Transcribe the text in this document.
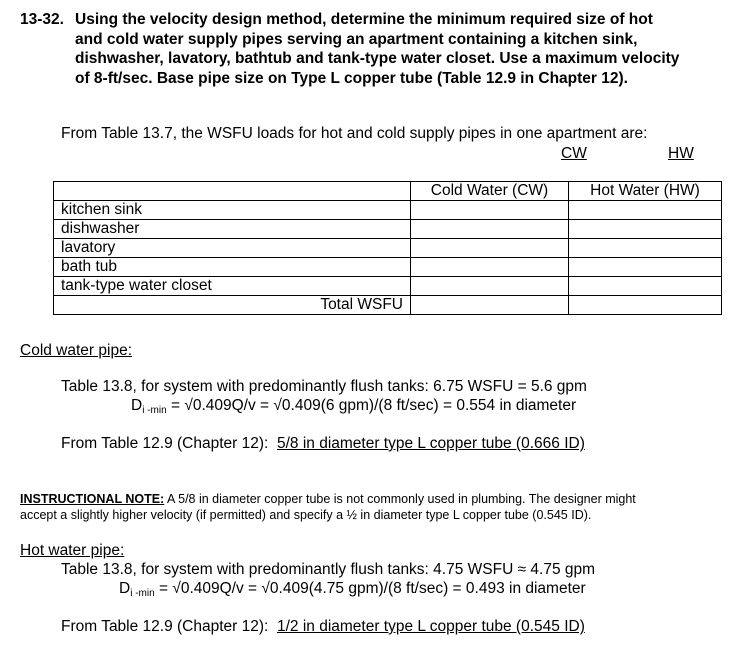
13-32. Using the velocity design method, determine the minimum required size of hot
and cold water supply pipes serving an apartment containing a kitchen sink,
dishwasher, lavatory, bathtub and tank-type water closet. Use a maximum velocity
of 8-ft/sec. Base pipe size on Type L copper tube (Table 12.9 in Chapter 12).
From Table 13.7, the WSFU loads for hot and cold supply pipes in one apartment are:
CW	HW
	Cold Water (CW)	Hot Water (HW)
kitchen sink		
dishwasher		
lavatory		
bath tub		
tank-type water closet		
Total WSFU		
Cold water pipe:
Table 13.8, for system with predominantly flush tanks: 6.75 WSFU = 5.6 gpm
Di -min = √0.409Q/v = √0.409(6 gpm)/(8 ft/sec) = 0.554 in diameter
From Table 12.9 (Chapter 12):  5/8 in diameter type L copper tube (0.666 ID)
INSTRUCTIONAL NOTE: A 5/8 in diameter copper tube is not commonly used in plumbing. The designer might
accept a slightly higher velocity (if permitted) and specify a ½ in diameter type L copper tube (0.545 ID).
Hot water pipe:
Table 13.8, for system with predominantly flush tanks: 4.75 WSFU ≈ 4.75 gpm
Di -min = √0.409Q/v = √0.409(4.75 gpm)/(8 ft/sec) = 0.493 in diameter
From Table 12.9 (Chapter 12):  1/2 in diameter type L copper tube (0.545 ID)
